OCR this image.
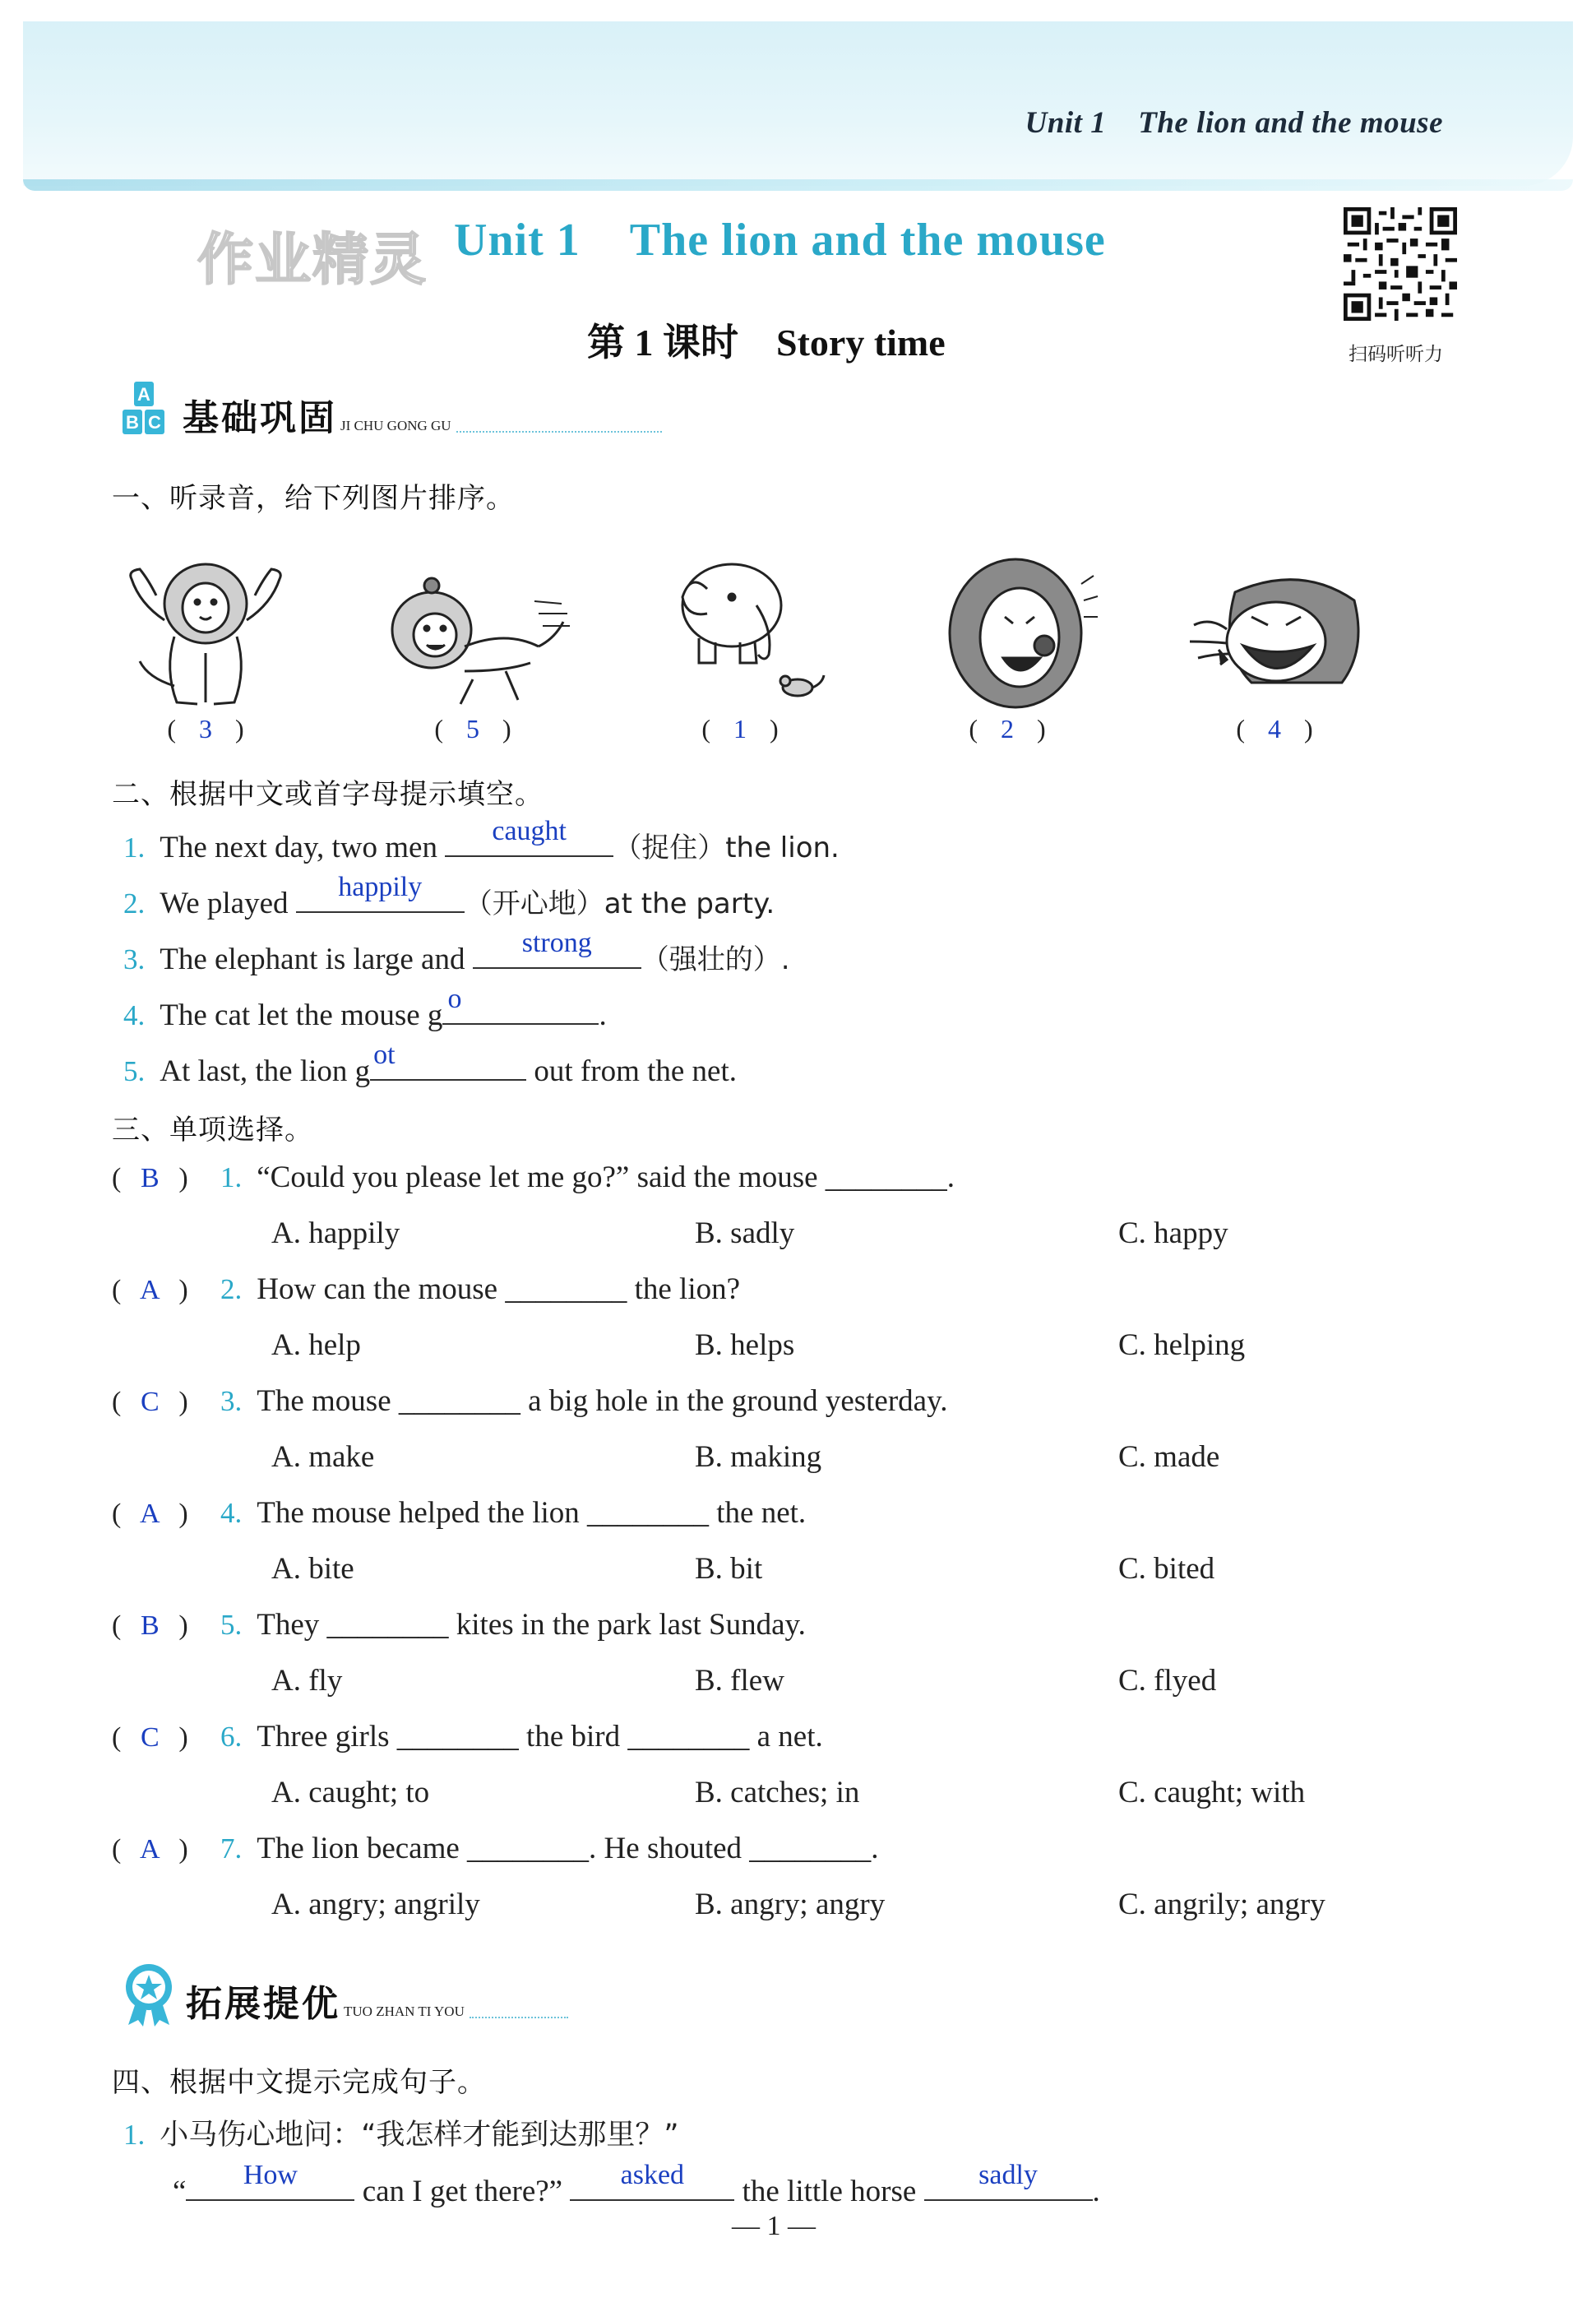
Unit 1    The lion and the mouse
作业精灵 Unit 1 The lion and the mouse
第 1 课时    Story time	扫码听听力
A
B C 基础巩固 JI CHU GONG GU
一、听录音，给下列图片排序。
( 3 )	( 5 )	( 1 )	( 2 )	( 4 )
二、根据中文或首字母提示填空。
1. The next day, two men	caught
（捉住）the lion.
2. We played	happily
（开心地）at the party.
3. The elephant is large and	strong
（强壮的）.
4. The cat let the mouse g o	.
5. At last, the lion g ot	out from the net.
三、单项选择。
( B ) 1. “Could you please let me go?” said the mouse ________.
A. happily	B. sadly	C. happy
( A ) 2. How can the mouse ________ the lion?
A. help	B. helps	C. helping
( C ) 3. The mouse ________ a big hole in the ground yesterday.
A. make	B. making	C. made
( A ) 4. The mouse helped the lion ________ the net.
A. bite	B. bit	C. bited
( B ) 5. They ________ kites in the park last Sunday.
A. fly	B. flew	C. flyed
( C ) 6. Three girls ________ the bird ________ a net.
A. caught; to	B. catches; in	C. caught; with
( A ) 7. The lion became ________. He shouted ________.
A. angry; angrily	B. angry; angry	C. angrily; angry
拓展提优 TUO ZHAN TI YOU
四、根据中文提示完成句子。
1. 小马伤心地问：“我怎样才能到达那里？”
“	How	can I get there?”	asked	the little horse	sadly	.
— 1 —
